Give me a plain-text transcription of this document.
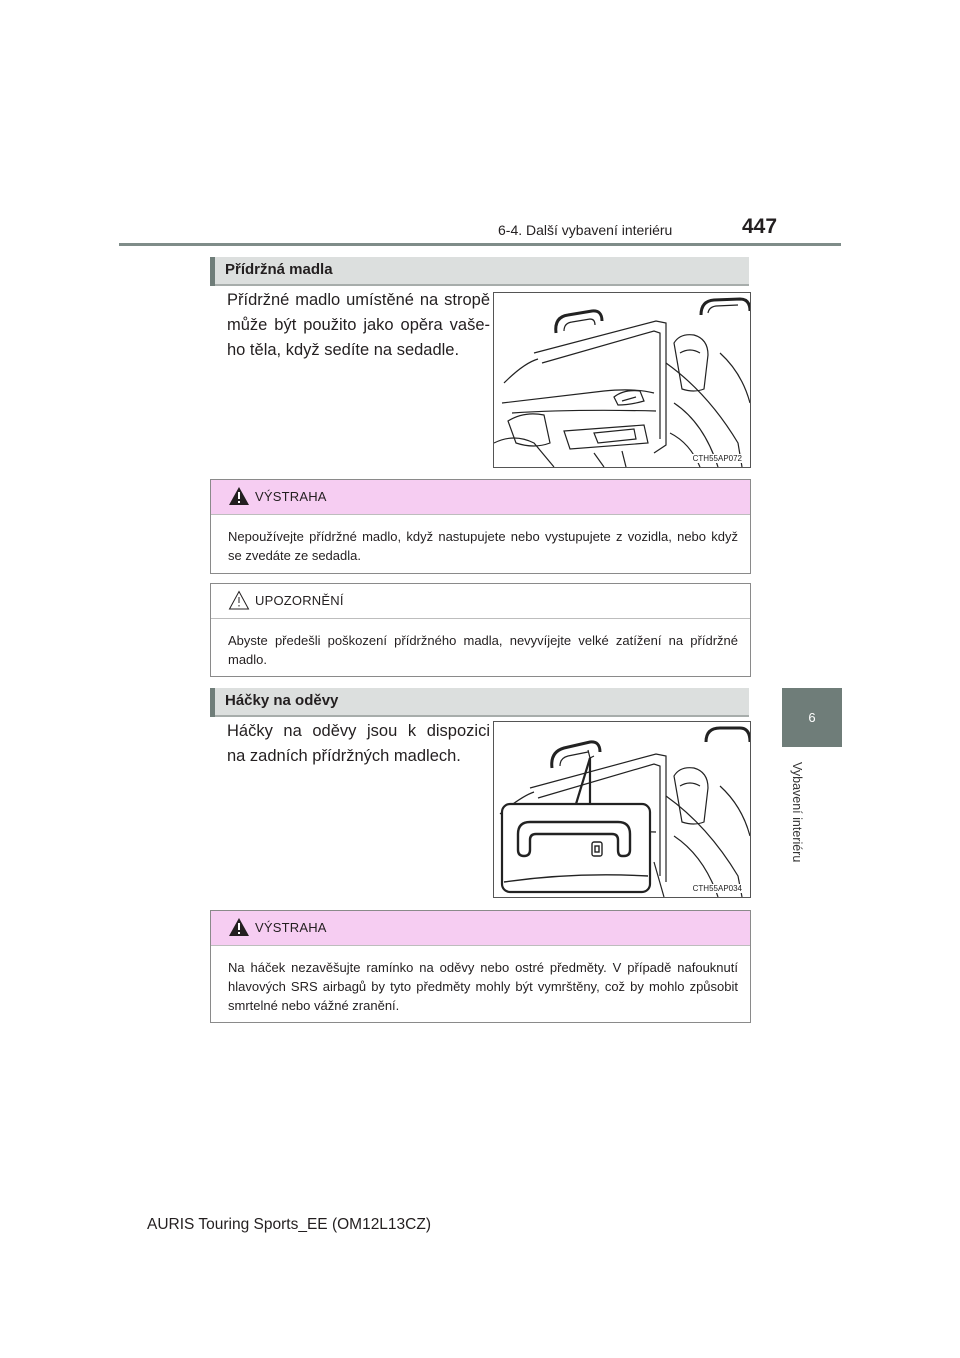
6-4. Další vybavení interiéru	447
6
Vybavení interiéru
Přídržná madla

Přídržné madlo umístěné na stropě

může být použito jako opěra vaše-

ho těla, když sedíte na sedadle.

CTH55AP072
VÝSTRAHA
Nepoužívejte přídržné madlo, když nastupujete nebo vystupujete z vozidla, nebo když se zvedáte ze sedadla.
UPOZORNĚNÍ
Abyste předešli poškození přídržného madla, nevyvíjejte velké zatížení na přídržné madlo.
Háčky na oděvy

Háčky na oděvy jsou k dispozici

na zadních přídržných madlech.

CTH55AP034
VÝSTRAHA
Na háček nezavěšujte ramínko na oděvy nebo ostré předměty. V případě nafouknutí hlavových SRS airbagů by tyto předměty mohly být vymrštěny, což by mohlo způsobit smrtelné nebo vážné zranění.
AURIS Touring Sports_EE (OM12L13CZ)
